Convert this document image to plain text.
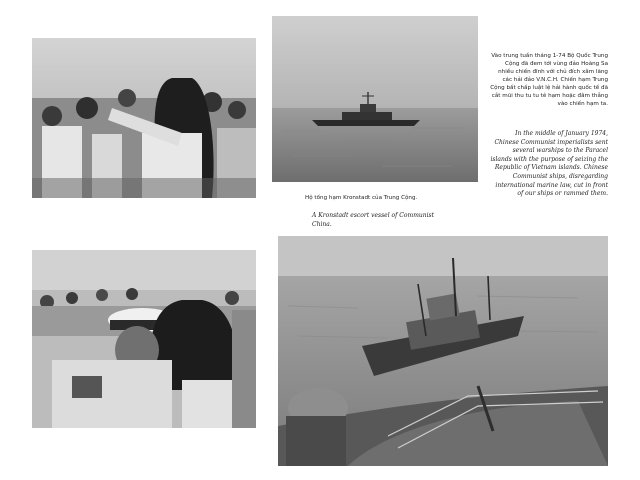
Vào trung tuần tháng 1-74 Bộ Quốc Trung Cộng đã đem tới vùng đảo Hoàng Sa nhiều chiến đĩnh với chủ đích xâm lăng các hải đảo V.N.C.H. Chiến hạm Trung Cộng bất chấp luật lệ hải hành quốc tế đã cắt mũi thu tu tu tê hạm hoặc đâm thẳng vào chiến hạm ta.
In the middle of January 1974, Chinese Communist imperialists sent several warships to the Paracel islands with the purpose of seizing the Republic of Vietnam islands. Chinese Communist ships, disregarding international marine law, cut in front of our ships or rammed them.
Hộ tống hạm Kronstadt của Trung Cộng.
A Kronstadt escort vessel of Communist China.
